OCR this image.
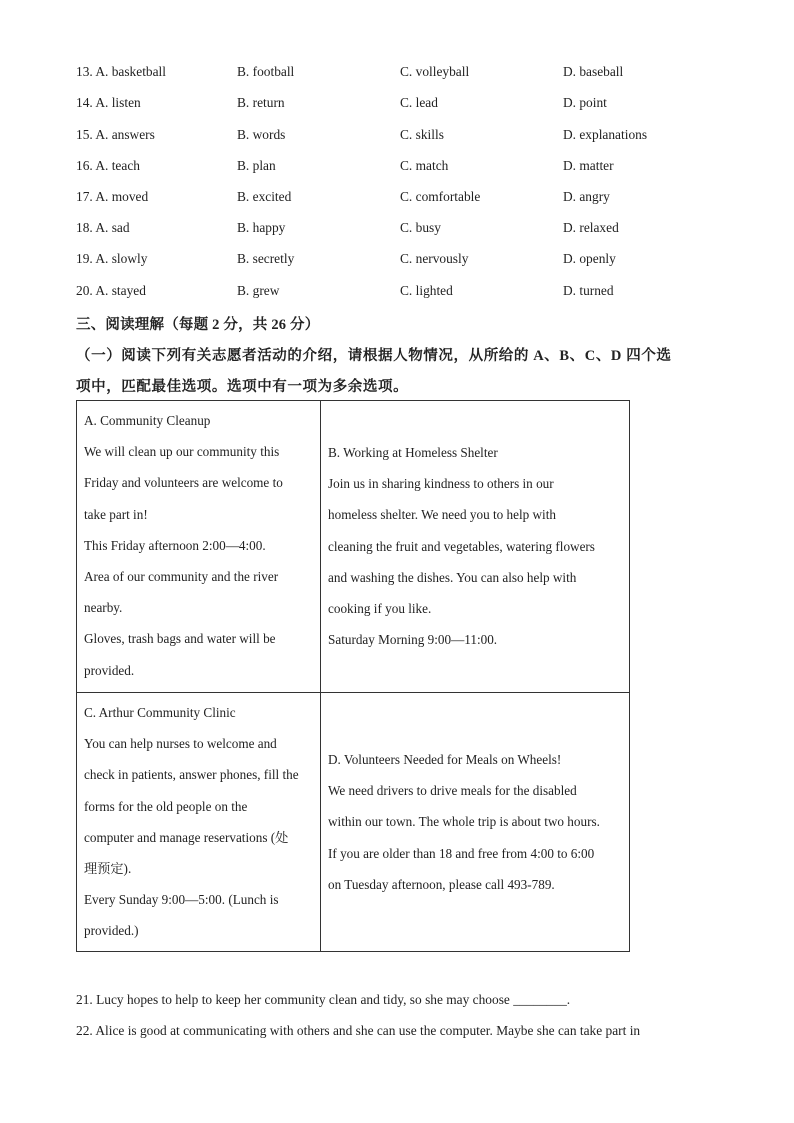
13. A. basketball	B. football	C. volleyball	D. baseball
14. A. listen	B. return	C. lead	D. point
15. A. answers	B. words	C. skills	D. explanations
16. A. teach	B. plan	C. match	D. matter
17. A. moved	B. excited	C. comfortable	D. angry
18. A. sad	B. happy	C. busy	D. relaxed
19. A. slowly	B. secretly	C. nervously	D. openly
20. A. stayed	B. grew	C. lighted	D. turned
三、阅读理解（每题 2 分，共 26 分）
（一）阅读下列有关志愿者活动的介绍，请根据人物情况，从所给的 A、B、C、D 四个选
项中，匹配最佳选项。选项中有一项为多余选项。
A. Community Cleanup
We will clean up our community this
Friday and volunteers are welcome to
take part in!
This Friday afternoon 2:00—4:00.
Area of our community and the river
nearby.
Gloves, trash bags and water will be
provided.
B. Working at Homeless Shelter
Join us in sharing kindness to others in our
homeless shelter. We need you to help with
cleaning the fruit and vegetables, watering flowers
and washing the dishes. You can also help with
cooking if you like.
Saturday Morning 9:00—11:00.
C. Arthur Community Clinic
You can help nurses to welcome and
check in patients, answer phones, fill the
forms for the old people on the
computer and manage reservations (处
理预定).
Every Sunday 9:00—5:00. (Lunch is
provided.)
D. Volunteers Needed for Meals on Wheels!
We need drivers to drive meals for the disabled
within our town. The whole trip is about two hours.
If you are older than 18 and free from 4:00 to 6:00
on Tuesday afternoon, please call 493-789.
21. Lucy hopes to help to keep her community clean and tidy, so she may choose ________.
22. Alice is good at communicating with others and she can use the computer. Maybe she can take part in
